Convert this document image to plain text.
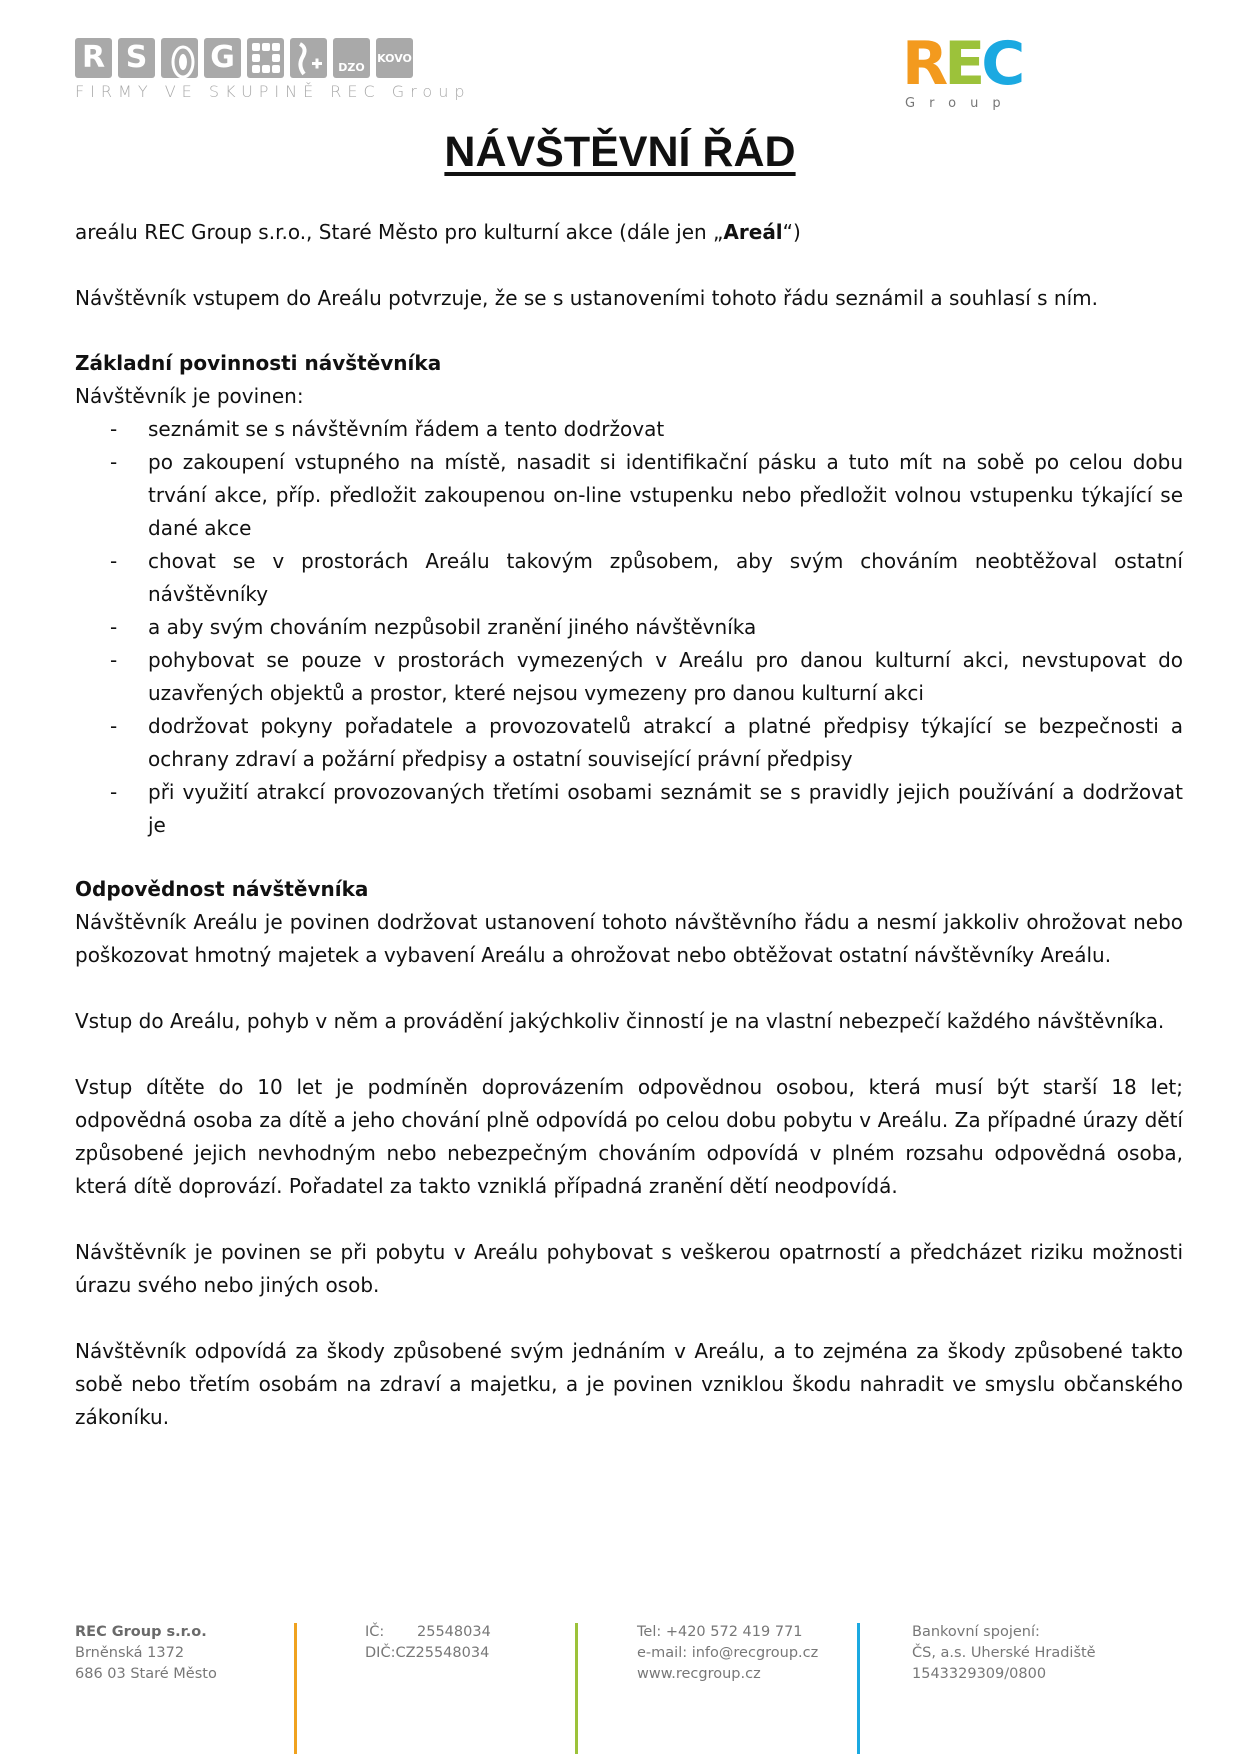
R S G	DZO
KOVO
FIRMY VE SKUPINĚ REC Group	REC
Group
NÁVŠTĚVNÍ ŘÁD
areálu REC Group s.r.o., Staré Město pro kulturní akce (dále jen „Areál“)
Návštěvník vstupem do Areálu potvrzuje, že se s ustanoveními tohoto řádu seznámil a souhlasí s ním.
Základní povinnosti návštěvníka
Návštěvník je povinen:
- seznámit se s návštěvním řádem a tento dodržovat
- po zakoupení vstupného na místě, nasadit si identifikační pásku a tuto mít na sobě po celou dobu trvání akce, příp. předložit zakoupenou on-line vstupenku nebo předložit volnou vstupenku týkající se dané akce
- chovat se v prostorách Areálu takovým způsobem, aby svým chováním neobtěžoval ostatní návštěvníky
- a aby svým chováním nezpůsobil zranění jiného návštěvníka
- pohybovat se pouze v prostorách vymezených v Areálu pro danou kulturní akci, nevstupovat do uzavřených objektů a prostor, které nejsou vymezeny pro danou kulturní akci
- dodržovat pokyny pořadatele a provozovatelů atrakcí a platné předpisy týkající se bezpečnosti a ochrany zdraví a požární předpisy a ostatní související právní předpisy
- při využití atrakcí provozovaných třetími osobami seznámit se s pravidly jejich používání a dodržovat je
Odpovědnost návštěvníka
Návštěvník Areálu je povinen dodržovat ustanovení tohoto návštěvního řádu a nesmí jakkoliv ohrožovat nebo poškozovat hmotný majetek a vybavení Areálu a ohrožovat nebo obtěžovat ostatní návštěvníky Areálu.
Vstup do Areálu, pohyb v něm a provádění jakýchkoliv činností je na vlastní nebezpečí každého návštěvníka.
Vstup dítěte do 10 let je podmíněn doprovázením odpovědnou osobou, která musí být starší 18 let; odpovědná osoba za dítě a jeho chování plně odpovídá po celou dobu pobytu v Areálu. Za případné úrazy dětí způsobené jejich nevhodným nebo nebezpečným chováním odpovídá v plném rozsahu odpovědná osoba, která dítě doprovází. Pořadatel za takto vzniklá případná zranění dětí neodpovídá.
Návštěvník je povinen se při pobytu v Areálu pohybovat s veškerou opatrností a předcházet riziku možnosti úrazu svého nebo jiných osob.
Návštěvník odpovídá za škody způsobené svým jednáním v Areálu, a to zejména za škody způsobené takto sobě nebo třetím osobám na zdraví a majetku, a je povinen vzniklou škodu nahradit ve smyslu občanského zákoníku.
KOVO
REC Group s.r.o.
Brněnská 1372
686 03 Staré Město
IČ: 25548034
DIČ:CZ25548034
Tel: +420 572 419 771
e-mail: info@recgroup.cz
www.recgroup.cz
Bankovní spojení:
ČS, a.s. Uherské Hradiště
1543329309/0800
